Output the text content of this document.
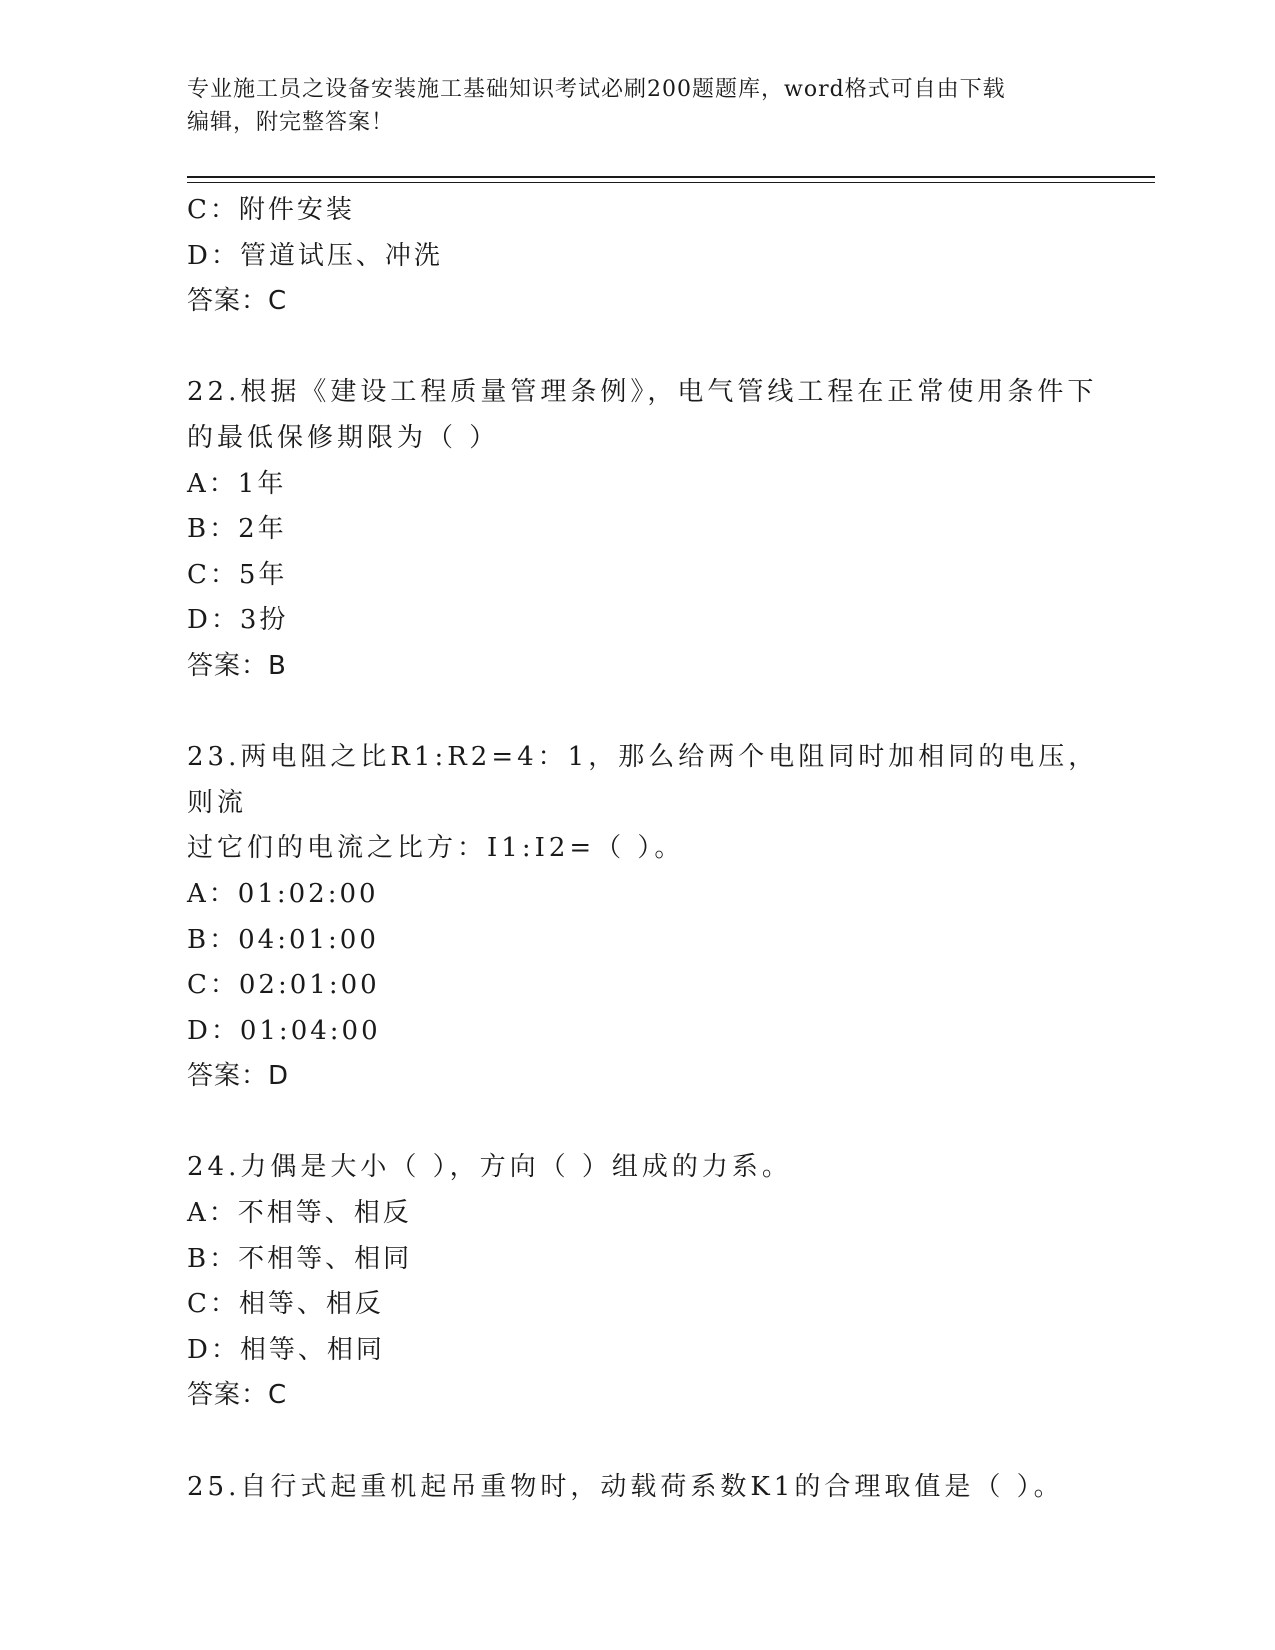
专业施工员之设备安装施工基础知识考试必刷200题题库，word格式可自由下载
编辑，附完整答案！
C：附件安装
D：管道试压、冲洗
答案：C
22.根据《建设工程质量管理条例》，电气管线工程在正常使用条件下
的最低保修期限为（ ）
A：1年
B：2年
C：5年
D：3扮
答案：B
23.两电阻之比R1:R2=4：1，那么给两个电阻同时加相同的电压，则流
过它们的电流之比方：I1:I2=（ ）。
A：01:02:00
B：04:01:00
C：02:01:00
D：01:04:00
答案：D
24.力偶是大小（ ），方向（ ）组成的力系。
A：不相等、相反
B：不相等、相同
C：相等、相反
D：相等、相同
答案：C
25.自行式起重机起吊重物时，动载荷系数K1的合理取值是（ ）。
